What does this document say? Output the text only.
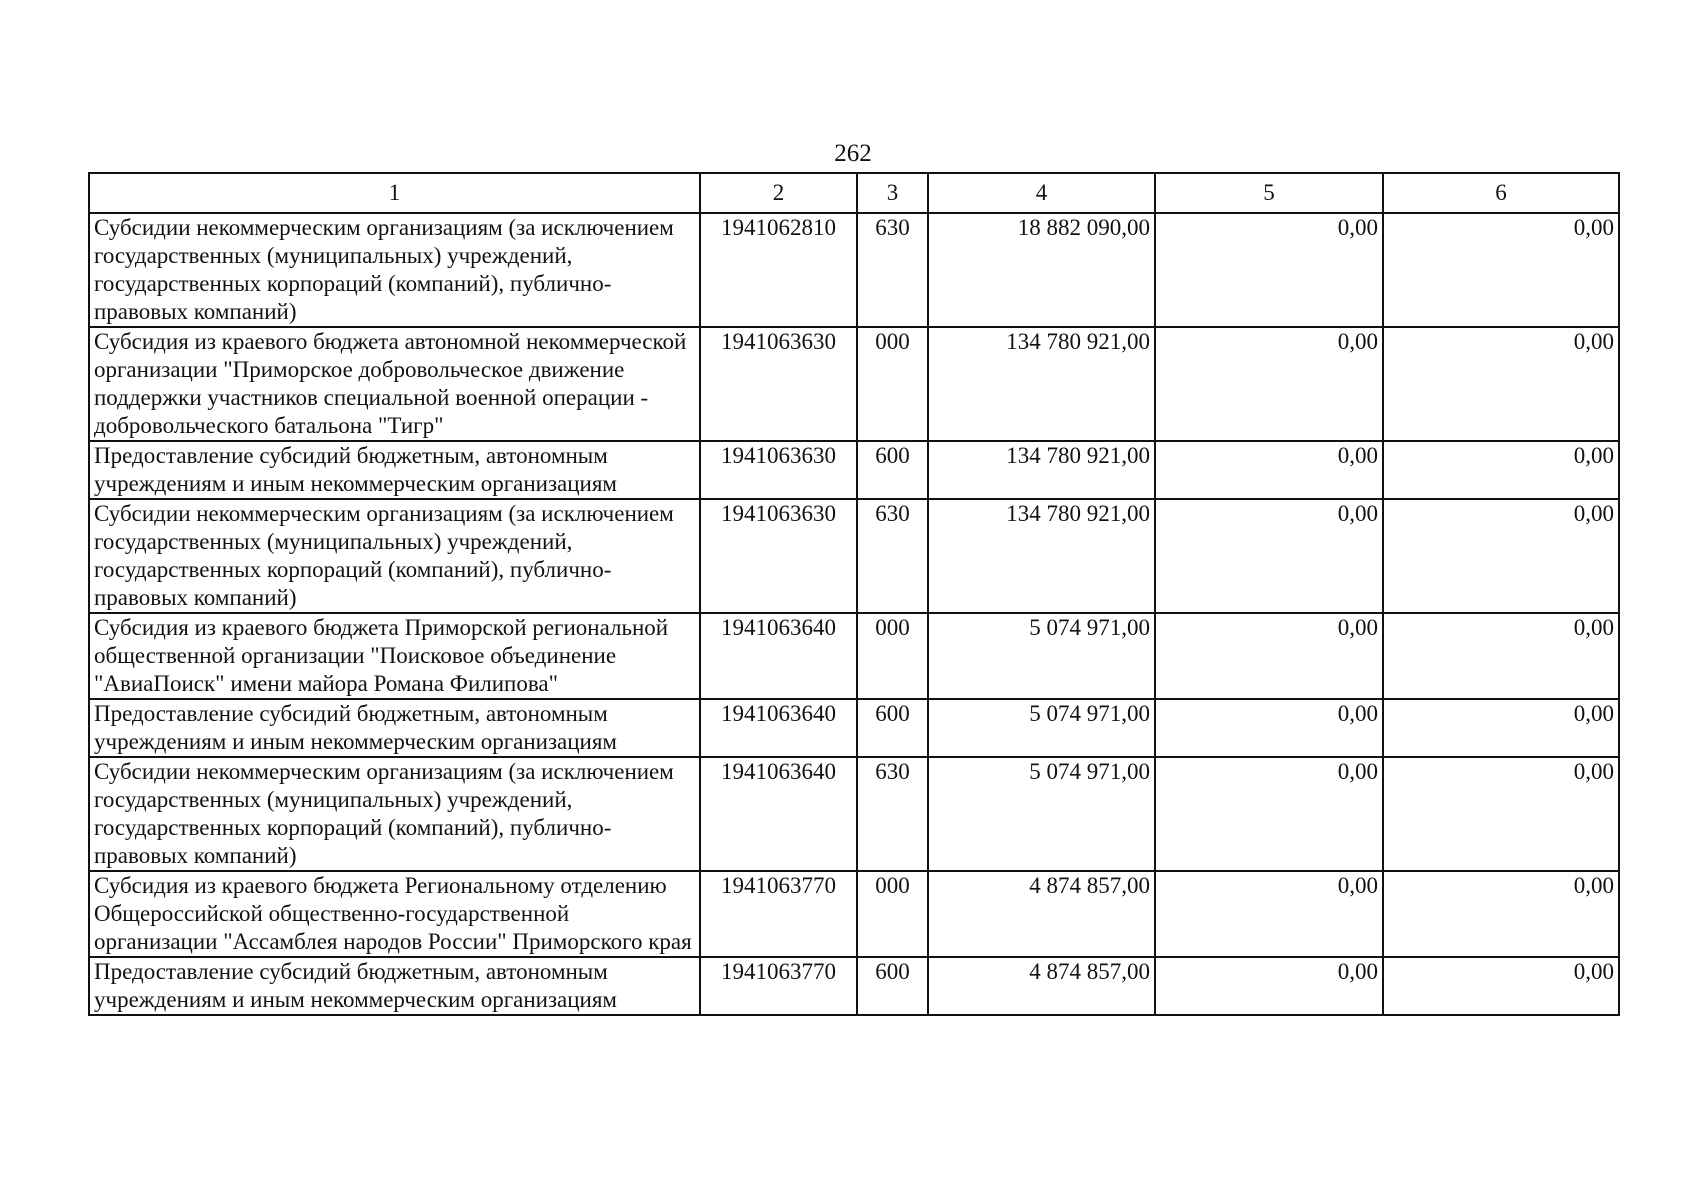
262
1	2	3	4	5	6
Субсидии некоммерческим организациям (за исключением государственных (муниципальных) учреждений, государственных корпораций (компаний), публично-правовых компаний)	1941062810	630	18 882 090,00	0,00	0,00
Субсидия из краевого бюджета автономной некоммерческой организации "Приморское добровольческое движение поддержки участников специальной военной операции - добровольческого батальона "Тигр"	1941063630	000	134 780 921,00	0,00	0,00
Предоставление субсидий бюджетным, автономным учреждениям и иным некоммерческим организациям	1941063630	600	134 780 921,00	0,00	0,00
Субсидии некоммерческим организациям (за исключением государственных (муниципальных) учреждений, государственных корпораций (компаний), публично-правовых компаний)	1941063630	630	134 780 921,00	0,00	0,00
Субсидия из краевого бюджета Приморской региональной общественной организации "Поисковое объединение "АвиаПоиск" имени майора Романа Филипова"	1941063640	000	5 074 971,00	0,00	0,00
Предоставление субсидий бюджетным, автономным учреждениям и иным некоммерческим организациям	1941063640	600	5 074 971,00	0,00	0,00
Субсидии некоммерческим организациям (за исключением государственных (муниципальных) учреждений, государственных корпораций (компаний), публично-правовых компаний)	1941063640	630	5 074 971,00	0,00	0,00
Субсидия из краевого бюджета Региональному отделению Общероссийской общественно-государственной организации "Ассамблея народов России" Приморского края	1941063770	000	4 874 857,00	0,00	0,00
Предоставление субсидий бюджетным, автономным учреждениям и иным некоммерческим организациям	1941063770	600	4 874 857,00	0,00	0,00
